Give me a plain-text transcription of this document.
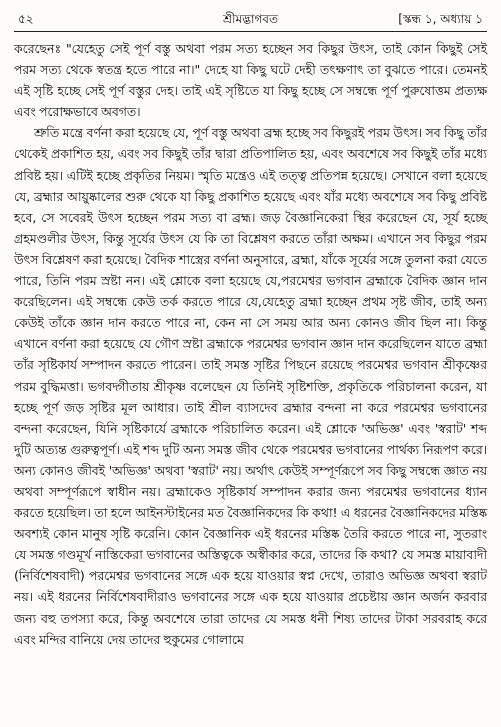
৫২	শ্রীমদ্ভাগবত	[স্কন্ধ ১, অধ্যায় ১

করেছেনঃ "যেহেতু সেই পূর্ণ বস্তু অথবা পরম সত্য হচ্ছেন সব কিছুর উৎস, তাই কোন কিছুই সেই পরম সত্য থেকে স্বতন্ত্র হতে পারে না।" দেহে যা কিছু ঘটে দেহী তৎক্ষণাৎ তা বুঝতে পারে। তেমনই এই সৃষ্টি হচ্ছে সেই পূর্ণ বস্তুর দেহ। তাই এই সৃষ্টিতে যা কিছু হচ্ছে সে সম্বন্ধে পূর্ণ পুরুষোত্তম প্রত্যক্ষ এবং পরোক্ষভাবে অবগত।

শ্রুতি মন্ত্রে বর্ণনা করা হয়েছে যে, পূর্ণ বস্তু অথবা ব্রহ্ম হচ্ছে সব কিছুরই পরম উৎস। সব কিছু তাঁর থেকেই প্রকাশিত হয়, এবং সব কিছুই তাঁর দ্বারা প্রতিপালিত হয়, এবং অবশেষে সব কিছুই তাঁর মধ্যে প্রবিষ্ট হয়। এটিই হচ্ছে প্রকৃতির নিয়ম। স্মৃতি মন্ত্রেও এই তত্ত্ব প্রতিপন্ন হয়েছে। সেখানে বলা হয়েছে যে, ব্রহ্মার আয়ুষ্কালের শুরু থেকে যা কিছু প্রকাশিত হয়েছে এবং যাঁর মধ্যে অবশেষে সব কিছু প্রবিষ্ট হবে, সে সবেরই উৎস হচ্ছেন পরম সত্য বা ব্রহ্ম। জড় বৈজ্ঞানিকেরা স্থির করেছেন যে, সূর্য হচ্ছে গ্রহমণ্ডলীর উৎস, কিন্তু সূর্যের উৎস যে কি তা বিশ্লেষণ করতে তাঁরা অক্ষম। এখানে সব কিছুর পরম উৎস বিশ্লেষণ করা হয়েছে। বৈদিক শাস্ত্রের বর্ণনা অনুসারে, ব্রহ্মা, যাঁকে সূর্যের সঙ্গে তুলনা করা যেতে পারে, তিনি পরম স্রষ্টা নন। এই শ্লোকে বলা হয়েছে যে,পরমেশ্বর ভগবান ব্রহ্মাকে বৈদিক জ্ঞান দান করেছিলেন। এই সম্বন্ধে কেউ তর্ক করতে পারে যে,যেহেতু ব্রহ্মা হচ্ছেন প্রথম সৃষ্ট জীব, তাই অন্য কেউই তাঁকে জ্ঞান দান করতে পারে না, কেন না সে সময় আর অন্য কোনও জীব ছিল না। কিন্তু এখানে বর্ণনা করা হয়েছে যে গৌণ স্রষ্টা ব্রহ্মাকে পরমেশ্বর ভগবান জ্ঞান দান করেছিলেন যাতে ব্রহ্মা তাঁর সৃষ্টিকার্য সম্পাদন করতে পারেন। তাই সমস্ত সৃষ্টির পিছনে রয়েছে পরমেশ্বর ভগবান শ্রীকৃষ্ণের পরম বুদ্ধিমত্তা। ভগবদ্গীতায় শ্রীকৃষ্ণ বলেছেন যে তিনিই সৃষ্টিশক্তি, প্রকৃতিকে পরিচালনা করেন, যা হচ্ছে পূর্ণ জড় সৃষ্টির মূল আধার। তাই শ্রীল ব্যাসদেব ব্রহ্মার বন্দনা না করে পরমেশ্বর ভগবানের বন্দনা করেছেন, যিনি সৃষ্টিকার্যে ব্রহ্মাকে পরিচালিত করেন। এই শ্লোকে 'অভিজ্ঞ' এবং 'স্বরাট' শব্দ দুটি অত্যন্ত গুরুত্বপূর্ণ। এই শব্দ দুটি অন্য সমস্ত জীব থেকে পরমেশ্বর ভগবানের পার্থক্য নিরূপণ করে। অন্য কোনও জীবই 'অভিজ্ঞ' অথবা 'স্বরাট' নয়। অর্থাৎ কেউই সম্পূর্ণরূপে সব কিছু সম্বন্ধে জ্ঞাত নয় অথবা সম্পূর্ণরূপে স্বাধীন নয়। ব্রহ্মাকেও সৃষ্টিকার্য সম্পাদন করার জন্য পরমেশ্বর ভগবানের ধ্যান করতে হয়েছিল। তা হলে আইনস্টাইনের মত বৈজ্ঞানিকদের কি কথা! এ ধরনের বৈজ্ঞানিকদের মস্তিষ্ক অবশ্যই কোন মানুষ সৃষ্টি করেনি। কোন বৈজ্ঞানিক এই ধরনের মস্তিষ্ক তৈরি করতে পারে না, সুতরাং যে সমস্ত গণ্ডমূর্খ নাস্তিকেরা ভগবানের অস্তিত্বকে অস্বীকার করে, তাদের কি কথা? যে সমস্ত মায়াবাদী (নির্বিশেষবাদী) পরমেশ্বর ভগবানের সঙ্গে এক হয়ে যাওয়ার স্বপ্ন দেখে, তারাও অভিজ্ঞ অথবা স্বরাট নয়। এই ধরনের নির্বিশেষবাদীরাও ভগবানের সঙ্গে এক হয়ে যাওয়ার প্রচেষ্টায় জ্ঞান অর্জন করবার জন্য বহু তপস্যা করে, কিন্তু অবশেষে তারা তাদের যে সমস্ত ধনী শিষ্য তাদের টাকা সরবরাহ করে এবং মন্দির বানিয়ে দেয় তাদের হুকুমের গোলামে
